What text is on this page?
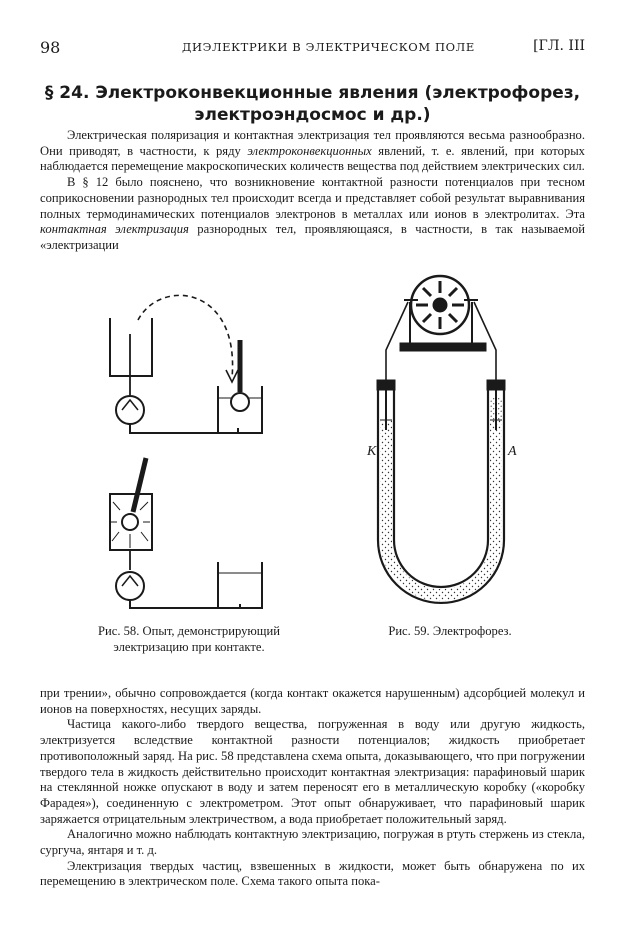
98	ДИЭЛЕКТРИКИ В ЭЛЕКТРИЧЕСКОМ ПОЛЕ	[ГЛ. III
§ 24. Электроконвекционные явления (электрофорез,
электроэндосмос и др.)

Электрическая поляризация и контактная электризация тел проявляются весьма разнообразно. Они приводят, в частности, к ряду электроконвекционных явлений, т. е. явлений, при которых наблюдается перемещение макроскопических количеств вещества под действием электрических сил.

В § 12 было пояснено, что возникновение контактной разности потенциалов при тесном соприкосновении разнородных тел происходит всегда и представляет собой результат выравнивания полных термодинамических потенциалов электронов в металлах или ионов в электролитах. Эта контактная электризация разнородных тел, проявляющаяся, в частности, в так называемой «электризации

К	А
Рис. 58. Опыт, демонстрирующий электризацию при контакте.
Рис. 59. Электрофорез.

при трении», обычно сопровождается (когда контакт окажется нарушенным) адсорбцией молекул и ионов на поверхностях, несущих заряды.

Частица какого-либо твердого вещества, погруженная в воду или другую жидкость, электризуется вследствие контактной разности потенциалов; жидкость приобретает противоположный заряд. На рис. 58 представлена схема опыта, доказывающего, что при погружении твердого тела в жидкость действительно происходит контактная электризация: парафиновый шарик на стеклянной ножке опускают в воду и затем переносят его в металлическую коробку («коробку Фарадея»), соединенную с электрометром. Этот опыт обнаруживает, что парафиновый шарик заряжается отрицательным электричеством, а вода приобретает положительный заряд.

Аналогично можно наблюдать контактную электризацию, погружая в ртуть стержень из стекла, сургуча, янтаря и т. д.

Электризация твердых частиц, взвешенных в жидкости, может быть обнаружена по их перемещению в электрическом поле. Схема такого опыта пока-
